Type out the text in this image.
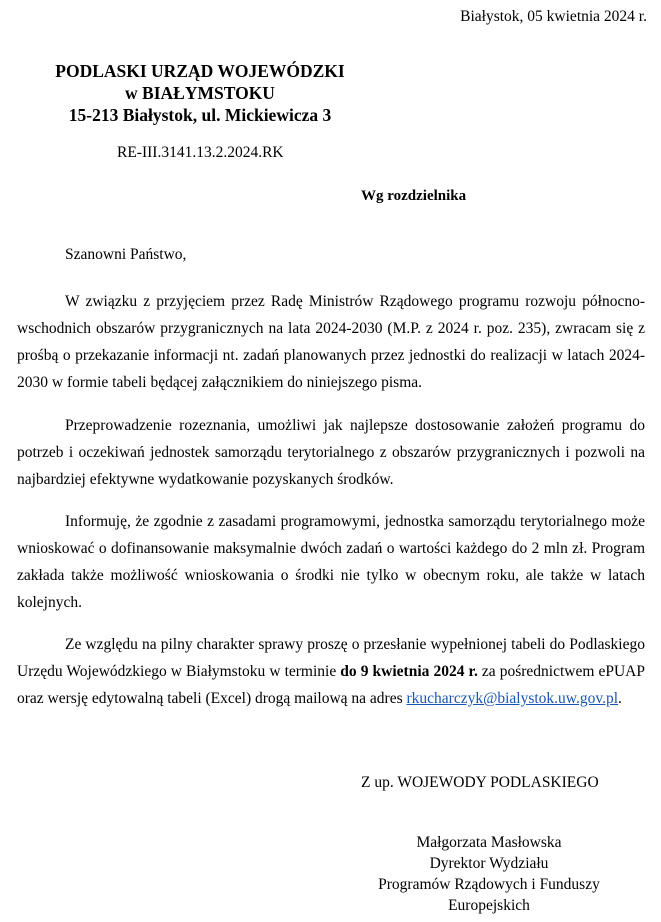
Białystok, 05 kwietnia 2024 r.
PODLASKI URZĄD WOJEWÓDZKI
w BIAŁYMSTOKU
15-213 Białystok, ul. Mickiewicza 3
RE-III.3141.13.2.2024.RK
Wg rozdzielnika
Szanowni Państwo,

W związku z przyjęciem przez Radę Ministrów Rządowego programu rozwoju północno-wschodnich obszarów przygranicznych na lata 2024-2030 (M.P. z 2024 r. poz. 235), zwracam się z prośbą o przekazanie informacji nt. zadań planowanych przez jednostki do realizacji w latach 2024-2030 w formie tabeli będącej załącznikiem do niniejszego pisma.

Przeprowadzenie rozeznania, umożliwi jak najlepsze dostosowanie założeń programu do potrzeb i oczekiwań jednostek samorządu terytorialnego z obszarów przygranicznych i pozwoli na najbardziej efektywne wydatkowanie pozyskanych środków.

Informuję, że zgodnie z zasadami programowymi, jednostka samorządu terytorialnego może wnioskować o dofinansowanie maksymalnie dwóch zadań o wartości każdego do 2 mln zł. Program zakłada także możliwość wnioskowania o środki nie tylko w obecnym roku, ale także w latach kolejnych.

Ze względu na pilny charakter sprawy proszę o przesłanie wypełnionej tabeli do Podlaskiego Urzędu Wojewódzkiego w Białymstoku w terminie do 9 kwietnia 2024 r. za pośrednictwem ePUAP oraz wersję edytowalną tabeli (Excel) drogą mailową na adres rkucharczyk@bialystok.uw.gov.pl.

Z up. WOJEWODY PODLASKIEGO
Małgorzata Masłowska
Dyrektor Wydziału
Programów Rządowych i Funduszy
Europejskich
